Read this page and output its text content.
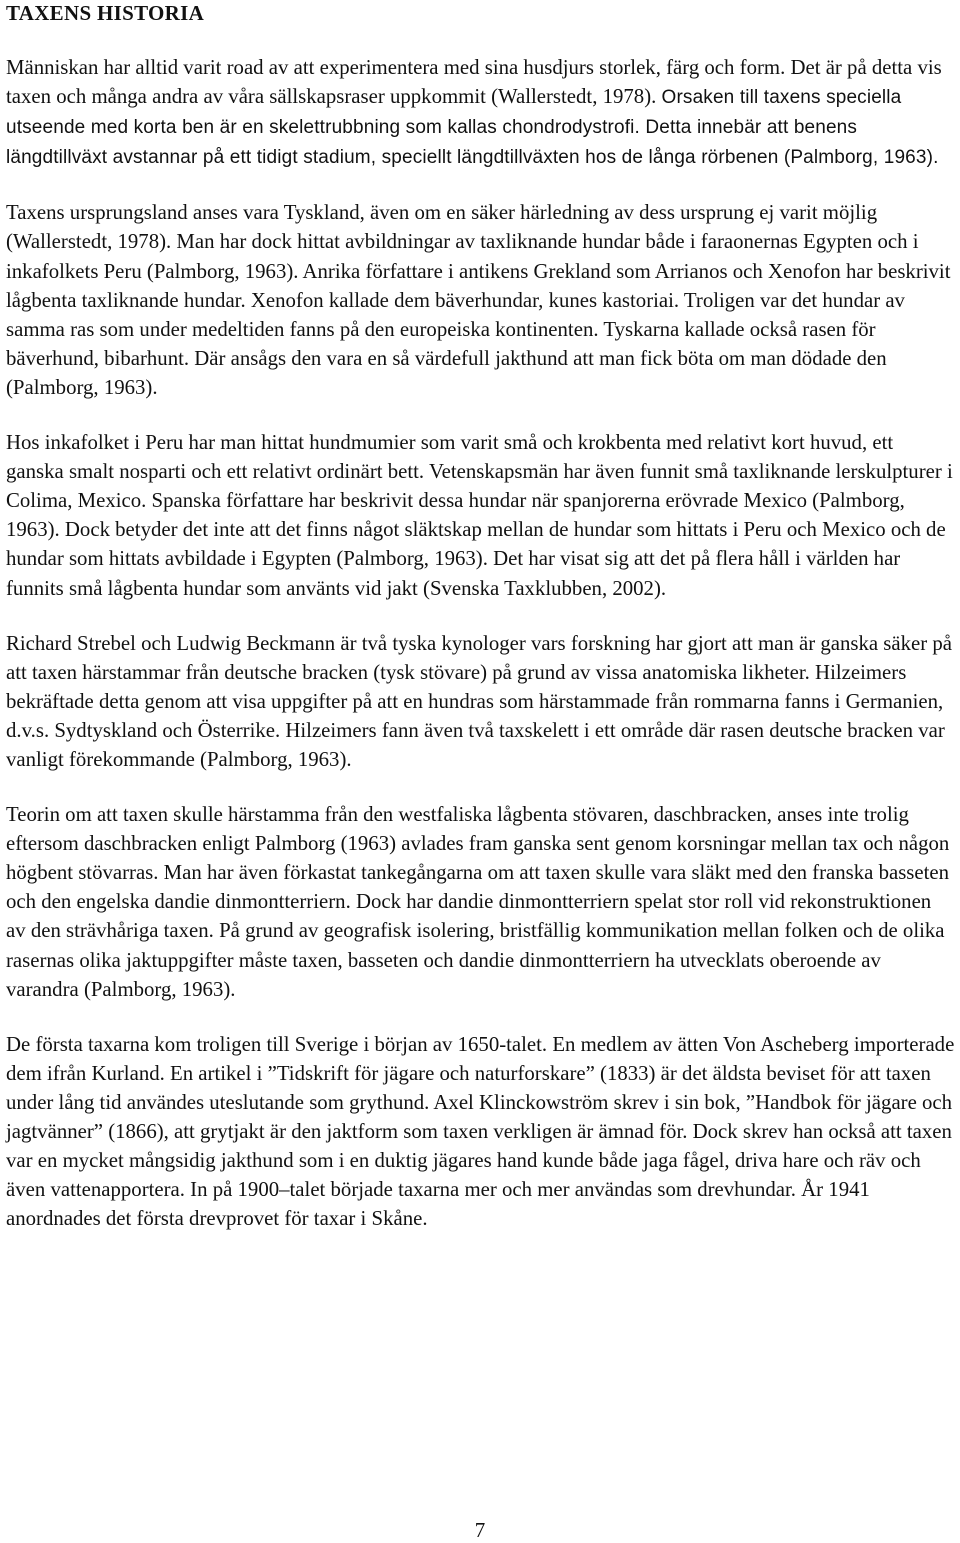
TAXENS HISTORIA

Människan har alltid varit road av att experimentera med sina husdjurs storlek, färg och form. Det är på detta vis taxen och många andra av våra sällskapsraser uppkommit (Wallerstedt, 1978). Orsaken till taxens speciella utseende med korta ben är en skelettrubbning som kallas chondrodystrofi. Detta innebär att benens längdtillväxt avstannar på ett tidigt stadium, speciellt längdtillväxten hos de långa rörbenen (Palmborg, 1963).

Taxens ursprungsland anses vara Tyskland, även om en säker härledning av dess ursprung ej varit möjlig (Wallerstedt, 1978). Man har dock hittat avbildningar av taxliknande hundar både i faraonernas Egypten och i inkafolkets Peru (Palmborg, 1963). Anrika författare i antikens Grekland som Arrianos och Xenofon har beskrivit lågbenta taxliknande hundar. Xenofon kallade dem bäverhundar, kunes kastoriai. Troligen var det hundar av samma ras som under medeltiden fanns på den europeiska kontinenten. Tyskarna kallade också rasen för bäverhund, bibarhunt. Där ansågs den vara en så värdefull jakthund att man fick böta om man dödade den (Palmborg, 1963).

Hos inkafolket i Peru har man hittat hundmumier som varit små och krokbenta med relativt kort huvud, ett ganska smalt nosparti och ett relativt ordinärt bett. Vetenskapsmän har även funnit små taxliknande lerskulpturer i Colima, Mexico. Spanska författare har beskrivit dessa hundar när spanjorerna erövrade Mexico (Palmborg, 1963). Dock betyder det inte att det finns något släktskap mellan de hundar som hittats i Peru och Mexico och de hundar som hittats avbildade i Egypten (Palmborg, 1963). Det har visat sig att det på flera håll i världen har funnits små lågbenta hundar som använts vid jakt (Svenska Taxklubben, 2002).

Richard Strebel och Ludwig Beckmann är två tyska kynologer vars forskning har gjort att man är ganska säker på att taxen härstammar från deutsche bracken (tysk stövare) på grund av vissa anatomiska likheter. Hilzeimers bekräftade detta genom att visa uppgifter på att en hundras som härstammade från rommarna fanns i Germanien, d.v.s. Sydtyskland och Österrike. Hilzeimers fann även två taxskelett i ett område där rasen deutsche bracken var vanligt förekommande (Palmborg, 1963).

Teorin om att taxen skulle härstamma från den westfaliska lågbenta stövaren, daschbracken, anses inte trolig eftersom daschbracken enligt Palmborg (1963) avlades fram ganska sent genom korsningar mellan tax och någon högbent stövarras. Man har även förkastat tankegångarna om att taxen skulle vara släkt med den franska basseten och den engelska dandie dinmontterriern. Dock har dandie dinmontterriern spelat stor roll vid rekonstruktionen av den strävhåriga taxen. På grund av geografisk isolering, bristfällig kommunikation mellan folken och de olika rasernas olika jaktuppgifter måste taxen, basseten och dandie dinmontterriern ha utvecklats oberoende av varandra (Palmborg, 1963).

De första taxarna kom troligen till Sverige i början av 1650-talet. En medlem av ätten Von Ascheberg importerade dem ifrån Kurland. En artikel i ”Tidskrift för jägare och naturforskare” (1833) är det äldsta beviset för att taxen under lång tid användes uteslutande som grythund. Axel Klinckowström skrev i sin bok, ”Handbok för jägare och jagtvänner” (1866), att grytjakt är den jaktform som taxen verkligen är ämnad för. Dock skrev han också att taxen var en mycket mångsidig jakthund som i en duktig jägares hand kunde både jaga fågel, driva hare och räv och även vattenapportera. In på 1900–talet började taxarna mer och mer användas som drevhundar. År 1941 anordnades det första drevprovet för taxar i Skåne.

7
